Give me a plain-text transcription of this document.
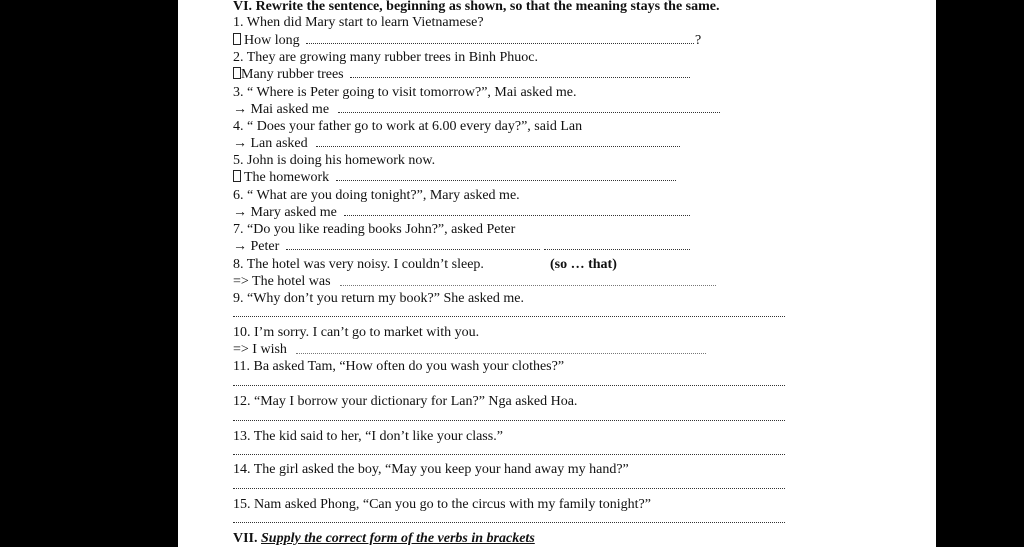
VI. Rewrite the sentence, beginning as shown, so that the meaning stays the same.
1. When did Mary start to learn Vietnamese?
How long	?
2. They are growing many rubber trees in Binh Phuoc.
Many rubber trees
3. “ Where is Peter going to visit tomorrow?”, Mai asked me.
→ Mai asked me
4. “ Does your father go to work at 6.00 every day?”, said Lan
→ Lan asked
5. John is doing his homework now.
The homework
6. “ What are you doing tonight?”, Mary asked me.
→ Mary asked me
7. “Do you like reading books John?”, asked Peter
→ Peter
8. The hotel was very noisy. I couldn’t sleep.	(so … that)
=> The hotel was
9. “Why don’t you return my book?” She asked me.
10. I’m sorry. I can’t go to market with you.
=> I wish
11. Ba asked Tam, “How often do you wash your clothes?”
12. “May I borrow your dictionary for Lan?” Nga asked Hoa.
13. The kid said to her, “I don’t like your class.”
14. The girl asked the boy, “May you keep your hand away my hand?”
15. Nam asked Phong, “Can you go to the circus with my family tonight?”
VII. Supply the correct form of the verbs in brackets
